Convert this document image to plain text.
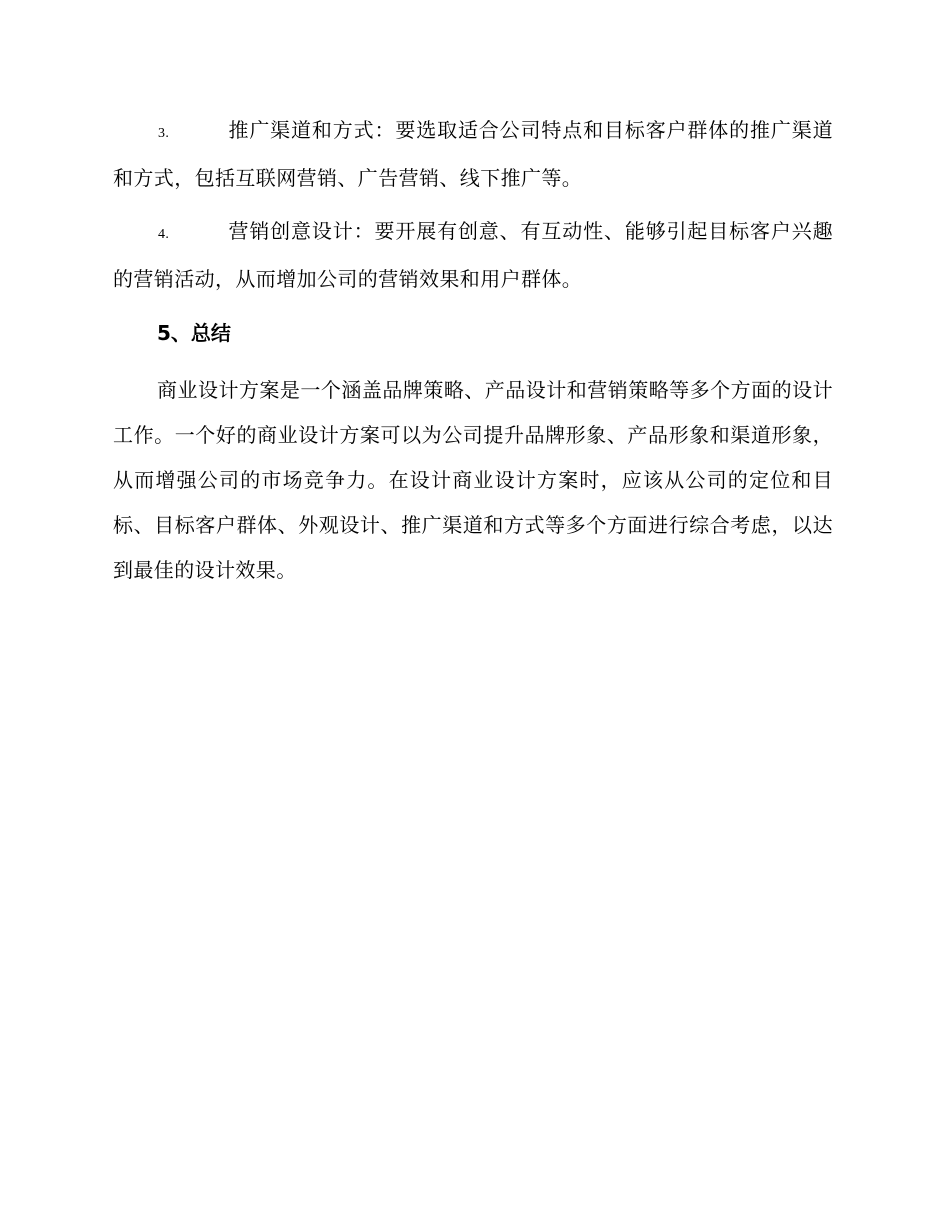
3.	推广渠道和方式：要选取适合公司特点和目标客户群体的推广渠道和方式，包括互联网营销、广告营销、线下推广等。
4.	营销创意设计：要开展有创意、有互动性、能够引起目标客户兴趣的营销活动，从而增加公司的营销效果和用户群体。
5、总结
商业设计方案是一个涵盖品牌策略、产品设计和营销策略等多个方面的设计工作。一个好的商业设计方案可以为公司提升品牌形象、产品形象和渠道形象，从而增强公司的市场竞争力。在设计商业设计方案时，应该从公司的定位和目标、目标客户群体、外观设计、推广渠道和方式等多个方面进行综合考虑，以达到最佳的设计效果。
